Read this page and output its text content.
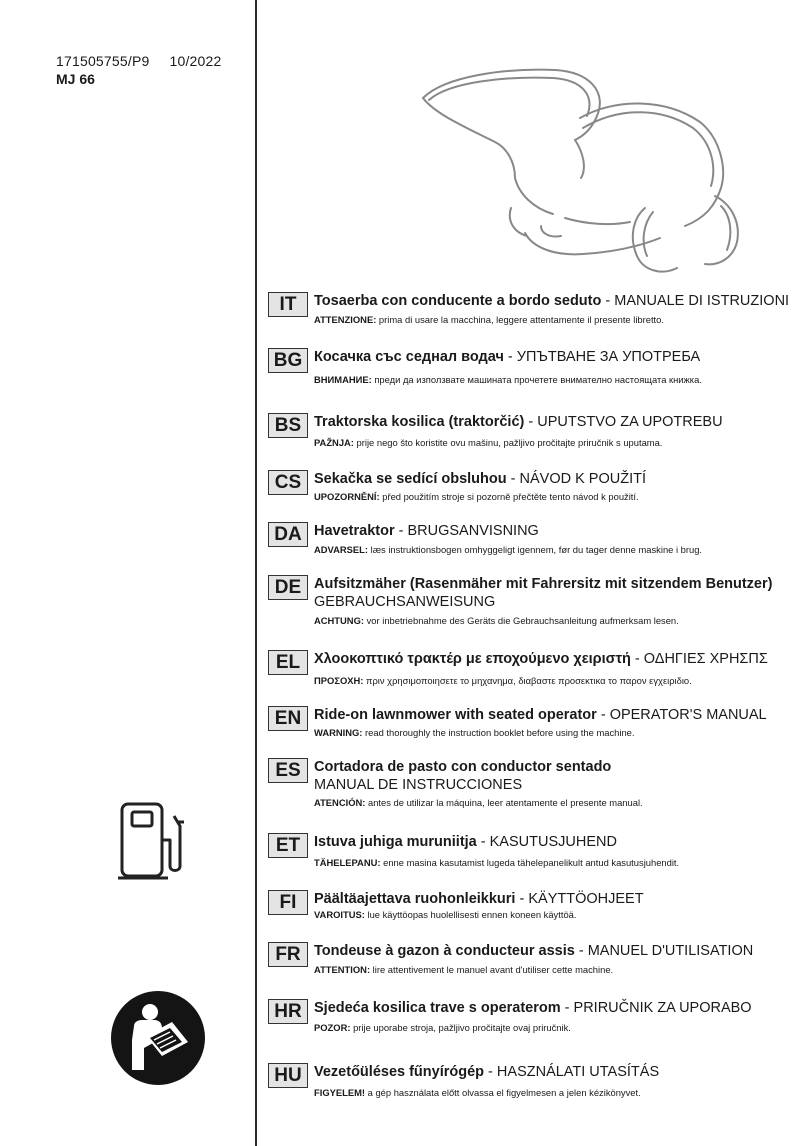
171505755/P9 10/2022
MJ 66
IT	Tosaerba con conducente a bordo seduto - MANUALE DI ISTRUZIONI
ATTENZIONE: prima di usare la macchina, leggere attentamente il presente libretto.
BG Косачка със седнал водач - УПЪТВАНЕ ЗА УПОТРЕБА
ВНИМАНИЕ: преди да използвате машината прочетете внимателно настоящата книжка.
BS Traktorska kosilica (traktorčić) - UPUTSTVO ZA UPOTREBU
PAŽNJA: prije nego što koristite ovu mašinu, pažljivo pročitajte priručnik s uputama.
CS Sekačka se sedící obsluhou - NÁVOD K POUŽITÍ
UPOZORNĚNÍ: před použitím stroje si pozorně přečtěte tento návod k použití.
DA Havetraktor - BRUGSANVISNING
ADVARSEL: læs instruktionsbogen omhyggeligt igennem, før du tager denne maskine i brug.
DE Aufsitzmäher (Rasenmäher mit Fahrersitz mit sitzendem Benutzer)
GEBRAUCHSANWEISUNG
ACHTUNG: vor inbetriebnahme des Geräts die Gebrauchsanleitung aufmerksam lesen.
EL Χλοοκοπτικό τρακτέρ με εποχούμενο χειριστή - ΟΔΗΓΙΕΣ ΧΡΗΣΠΣ
ΠΡΟΣΟΧΗ: πριν χρησιμοποιησετε το μηχανημα, διαβαστε προσεκτικα το παρον εγχειριδιο.
EN Ride-on lawnmower with seated operator - OPERATOR'S MANUAL
WARNING: read thoroughly the instruction booklet before using the machine.
ES Cortadora de pasto con conductor sentado
MANUAL DE INSTRUCCIONES
ATENCIÓN: antes de utilizar la máquina, leer atentamente el presente manual.
ET Istuva juhiga muruniitja - KASUTUSJUHEND
TÄHELEPANU: enne masina kasutamist lugeda tähelepanelikult antud kasutusjuhendit.
FI	Päältäajettava ruohonleikkuri - KÄYTTÖOHJEET
VAROITUS: lue käyttöopas huolellisesti ennen koneen käyttöä.
FR Tondeuse à gazon à conducteur assis - MANUEL D'UTILISATION
ATTENTION: lire attentivement le manuel avant d'utiliser cette machine.
HR Sjedeća kosilica trave s operaterom - PRIRUČNIK ZA UPORABO
POZOR: prije uporabe stroja, pažljivo pročitajte ovaj priručnik.
HU Vezetőüléses fűnyírógép - HASZNÁLATI UTASÍTÁS
FIGYELEM! a gép használata előtt olvassa el figyelmesen a jelen kézikönyvet.
